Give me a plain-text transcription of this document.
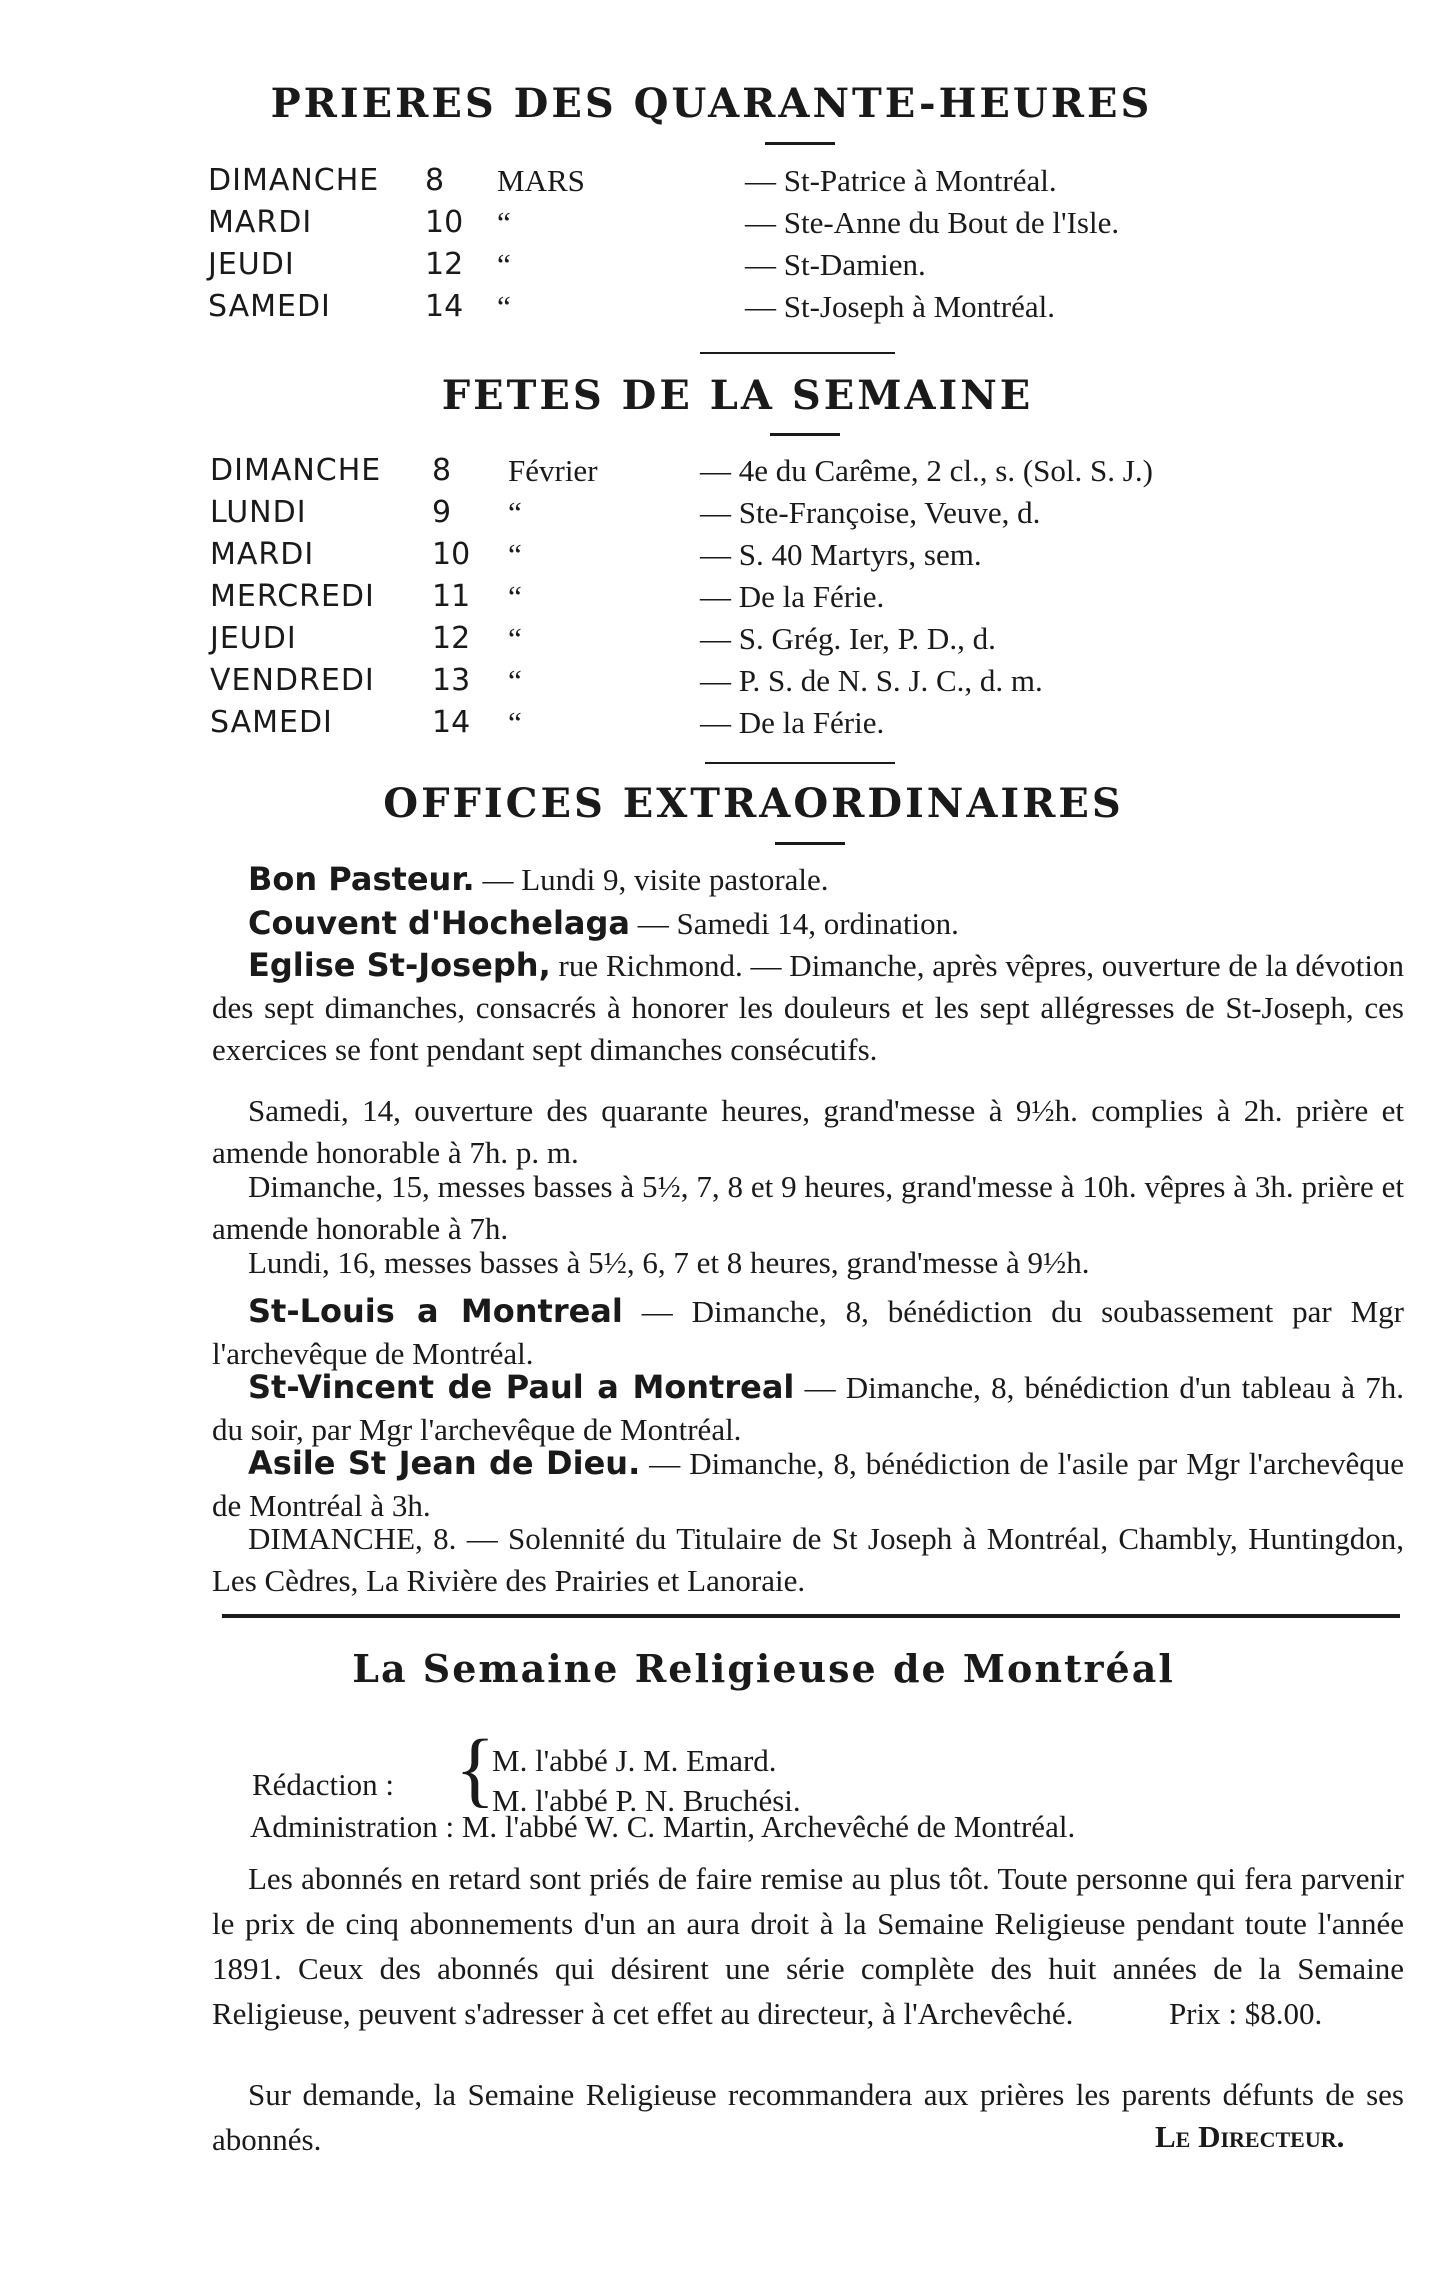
PRIERES DES QUARANTE-HEURES
DIMANCHE 8 MARS	— St-Patrice à Montréal.
MARDI	10 “	— Ste-Anne du Bout de l'Isle.
JEUDI	12 “	— St-Damien.
SAMEDI	14 “	— St-Joseph à Montréal.
FETES DE LA SEMAINE
DIMANCHE 8 Février	— 4e du Carême, 2 cl., s. (Sol. S. J.)
LUNDI	9 “	— Ste-Françoise, Veuve, d.
MARDI	10 “	— S. 40 Martyrs, sem.
MERCREDI 11 “	— De la Férie.
JEUDI	12 “	— S. Grég. Ier, P. D., d.
VENDREDI 13 “	— P. S. de N. S. J. C., d. m.
SAMEDI	14 “	— De la Férie.
OFFICES EXTRAORDINAIRES
Bon Pasteur. — Lundi 9, visite pastorale.
Couvent d'Hochelaga — Samedi 14, ordination.
Eglise St-Joseph, rue Richmond. — Dimanche, après vêpres, ouverture de la dévotion des sept dimanches, consacrés à honorer les douleurs et les sept allégresses de St-Joseph, ces exercices se font pendant sept dimanches consécutifs.
Samedi, 14, ouverture des quarante heures, grand'messe à 9½h. complies à 2h. prière et amende honorable à 7h. p. m.
Dimanche, 15, messes basses à 5½, 7, 8 et 9 heures, grand'messe à 10h. vêpres à 3h. prière et amende honorable à 7h.
Lundi, 16, messes basses à 5½, 6, 7 et 8 heures, grand'messe à 9½h.
St-Louis a Montreal — Dimanche, 8, bénédiction du soubassement par Mgr l'archevêque de Montréal.
St-Vincent de Paul a Montreal — Dimanche, 8, bénédiction d'un tableau à 7h. du soir, par Mgr l'archevêque de Montréal.
Asile St Jean de Dieu. — Dimanche, 8, bénédiction de l'asile par Mgr l'archevêque de Montréal à 3h.
DIMANCHE, 8. — Solennité du Titulaire de St Joseph à Montréal, Chambly, Huntingdon, Les Cèdres, La Rivière des Prairies et Lanoraie.
La Semaine Religieuse de Montréal
Rédaction : {
M. l'abbé J. M. Emard.
M. l'abbé P. N. Bruchési.
Administration : M. l'abbé W. C. Martin, Archevêché de Montréal.
Les abonnés en retard sont priés de faire remise au plus tôt. Toute personne qui fera parvenir le prix de cinq abonnements d'un an aura droit à la Semaine Religieuse pendant toute l'année 1891. Ceux des abonnés qui désirent une série complète des huit années de la Semaine Religieuse, peuvent s'adresser à cet effet au directeur, à l'Archevêché.	Prix : $8.00.
Sur demande, la Semaine Religieuse recommandera aux prières les parents défunts de ses abonnés.	Le Directeur.
